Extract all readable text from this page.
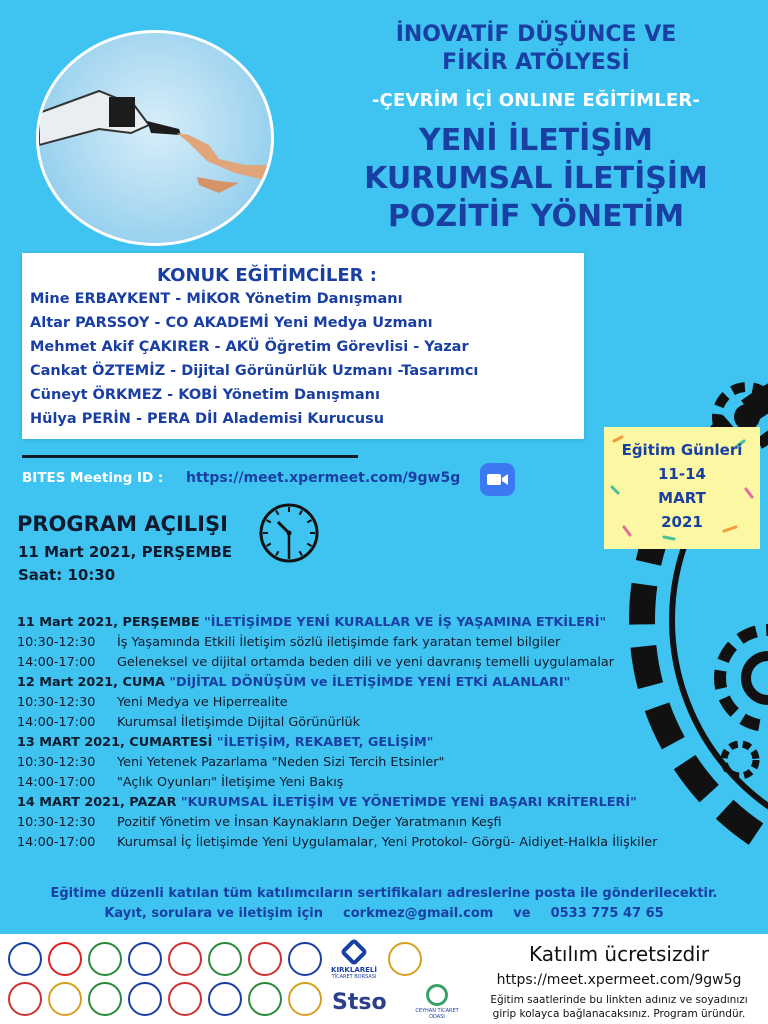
İNOVATİF DÜŞÜNCE VE
FİKİR ATÖLYESİ
-ÇEVRİM İÇİ ONLINE EĞİTİMLER-
YENİ İLETİŞİM
KURUMSAL İLETİŞİM
POZİTİF YÖNETİM
KONUK EĞİTİMCİLER :
Mine ERBAYKENT - MİKOR Yönetim Danışmanı
Altar PARSSOY - CO AKADEMİ Yeni Medya Uzmanı
Mehmet Akif ÇAKIRER - AKÜ Öğretim Görevlisi - Yazar
Cankat ÖZTEMİZ - Dijital Görünürlük Uzmanı -Tasarımcı
Cüneyt ÖRKMEZ - KOBİ Yönetim Danışmanı
Hülya PERİN - PERA Dİl Alademisi Kurucusu
Eğitim Günleri
11-14
MART
2021
BITES Meeting ID : https://meet.xpermeet.com/9gw5g
PROGRAM AÇILIŞI
11 Mart 2021, PERŞEMBE
Saat: 10:30
11 Mart 2021, PERŞEMBE "İLETİŞİMDE YENİ KURALLAR VE İŞ YAŞAMINA ETKİLERİ"
10:30-12:30 İş Yaşamında Etkili İletişim sözlü iletişimde fark yaratan temel bilgiler
14:00-17:00 Geleneksel ve dijital ortamda beden dili ve yeni davranış temelli uygulamalar
12 Mart 2021, CUMA "DİJİTAL DÖNÜŞÜM ve İLETİŞİMDE YENİ ETKİ ALANLARI"
10:30-12:30 Yeni Medya ve Hiperrealite
14:00-17:00 Kurumsal İletişimde Dijital Görünürlük
13 MART 2021, CUMARTESİ "İLETİŞİM, REKABET, GELİŞİM"
10:30-12:30 Yeni Yetenek Pazarlama "Neden Sizi Tercih Etsinler"
14:00-17:00 "Açlık Oyunları" İletişime Yeni Bakış
14 MART 2021, PAZAR "KURUMSAL İLETİŞİM VE YÖNETİMDE YENİ BAŞARI KRİTERLERİ"
10:30-12:30 Pozitif Yönetim ve İnsan Kaynakların Değer Yaratmanın Keşfi
14:00-17:00 Kurumsal İç İletişimde Yeni Uygulamalar, Yeni Protokol- Görgü- Aidiyet-Halkla İlişkiler
Eğitime düzenli katılan tüm katılımcıların sertifikaları adreslerine posta ile gönderilecektir.
Kayıt, sorulara ve iletişim için corkmez@gmail.com ve 0533 775 47 65
KIRKLARELİ
TİCARET BORSASI
Stso	CEYHAN TİCARET ODASI
Katılım ücretsizdir
https://meet.xpermeet.com/9gw5g
Eğitim saatlerinde bu linkten adınız ve soyadınızı
girip kolayca bağlanacaksınız. Program üründür.
